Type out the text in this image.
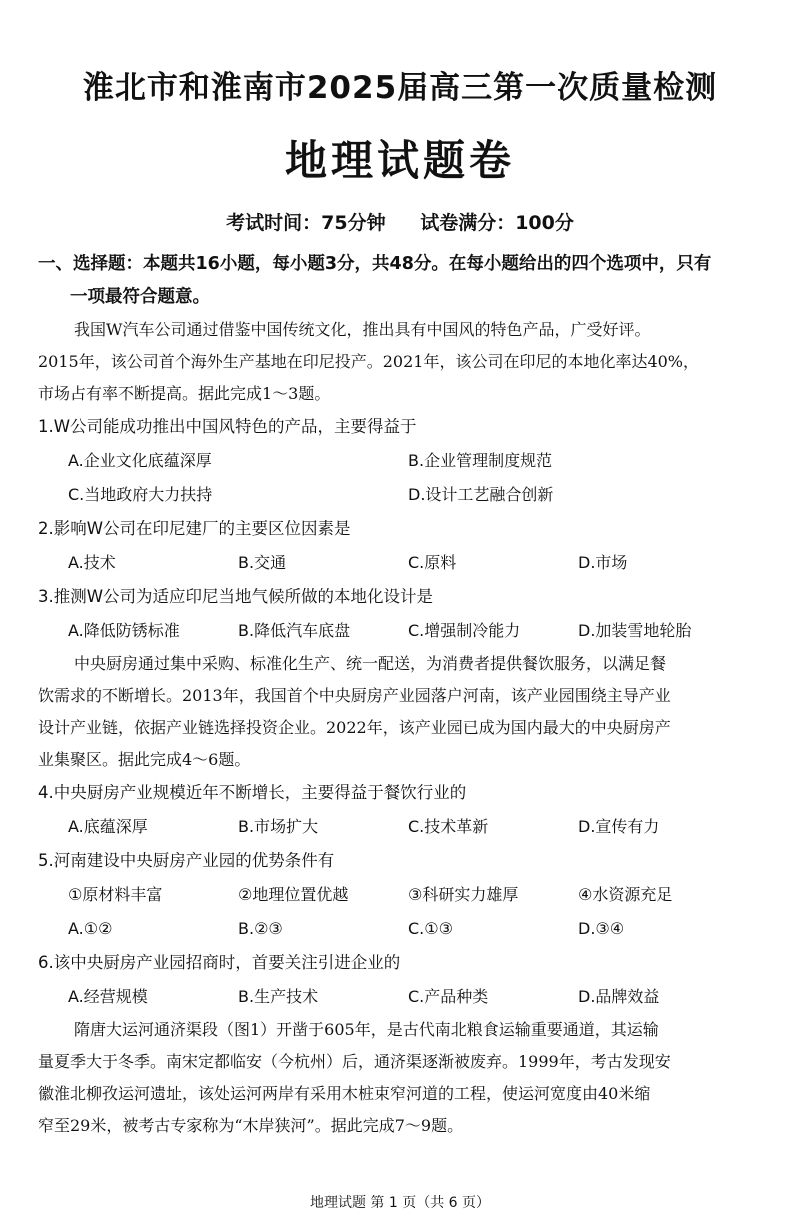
淮北市和淮南市2025届高三第一次质量检测
地理试题卷
考试时间：75分钟 试卷满分：100分
一、选择题：本题共16小题，每小题3分，共48分。在每小题给出的四个选项中，只有
一项最符合题意。

我国W汽车公司通过借鉴中国传统文化，推出具有中国风的特色产品，广受好评。
2015年，该公司首个海外生产基地在印尼投产。2021年，该公司在印尼的本地化率达40%，
市场占有率不断提高。据此完成1～3题。

1.W公司能成功推出中国风特色的产品，主要得益于
A.企业文化底蕴深厚	B.企业管理制度规范
C.当地政府大力扶持	D.设计工艺融合创新
2.影响W公司在印尼建厂的主要区位因素是
A.技术	B.交通	C.原料	D.市场
3.推测W公司为适应印尼当地气候所做的本地化设计是
A.降低防锈标准	B.降低汽车底盘	C.增强制冷能力	D.加装雪地轮胎

中央厨房通过集中采购、标准化生产、统一配送，为消费者提供餐饮服务，以满足餐
饮需求的不断增长。2013年，我国首个中央厨房产业园落户河南，该产业园围绕主导产业
设计产业链，依据产业链选择投资企业。2022年，该产业园已成为国内最大的中央厨房产
业集聚区。据此完成4～6题。

4.中央厨房产业规模近年不断增长，主要得益于餐饮行业的
A.底蕴深厚	B.市场扩大	C.技术革新	D.宣传有力
5.河南建设中央厨房产业园的优势条件有
①原材料丰富	②地理位置优越	③科研实力雄厚	④水资源充足
A.①②	B.②③	C.①③	D.③④
6.该中央厨房产业园招商时，首要关注引进企业的
A.经营规模	B.生产技术	C.产品种类	D.品牌效益

隋唐大运河通济渠段（图1）开凿于605年，是古代南北粮食运输重要通道，其运输
量夏季大于冬季。南宋定都临安（今杭州）后，通济渠逐渐被废弃。1999年，考古发现安
徽淮北柳孜运河遗址，该处运河两岸有采用木桩束窄河道的工程，使运河宽度由40米缩
窄至29米，被考古专家称为“木岸狭河”。据此完成7～9题。

地理试题 第 1 页（共 6 页）
